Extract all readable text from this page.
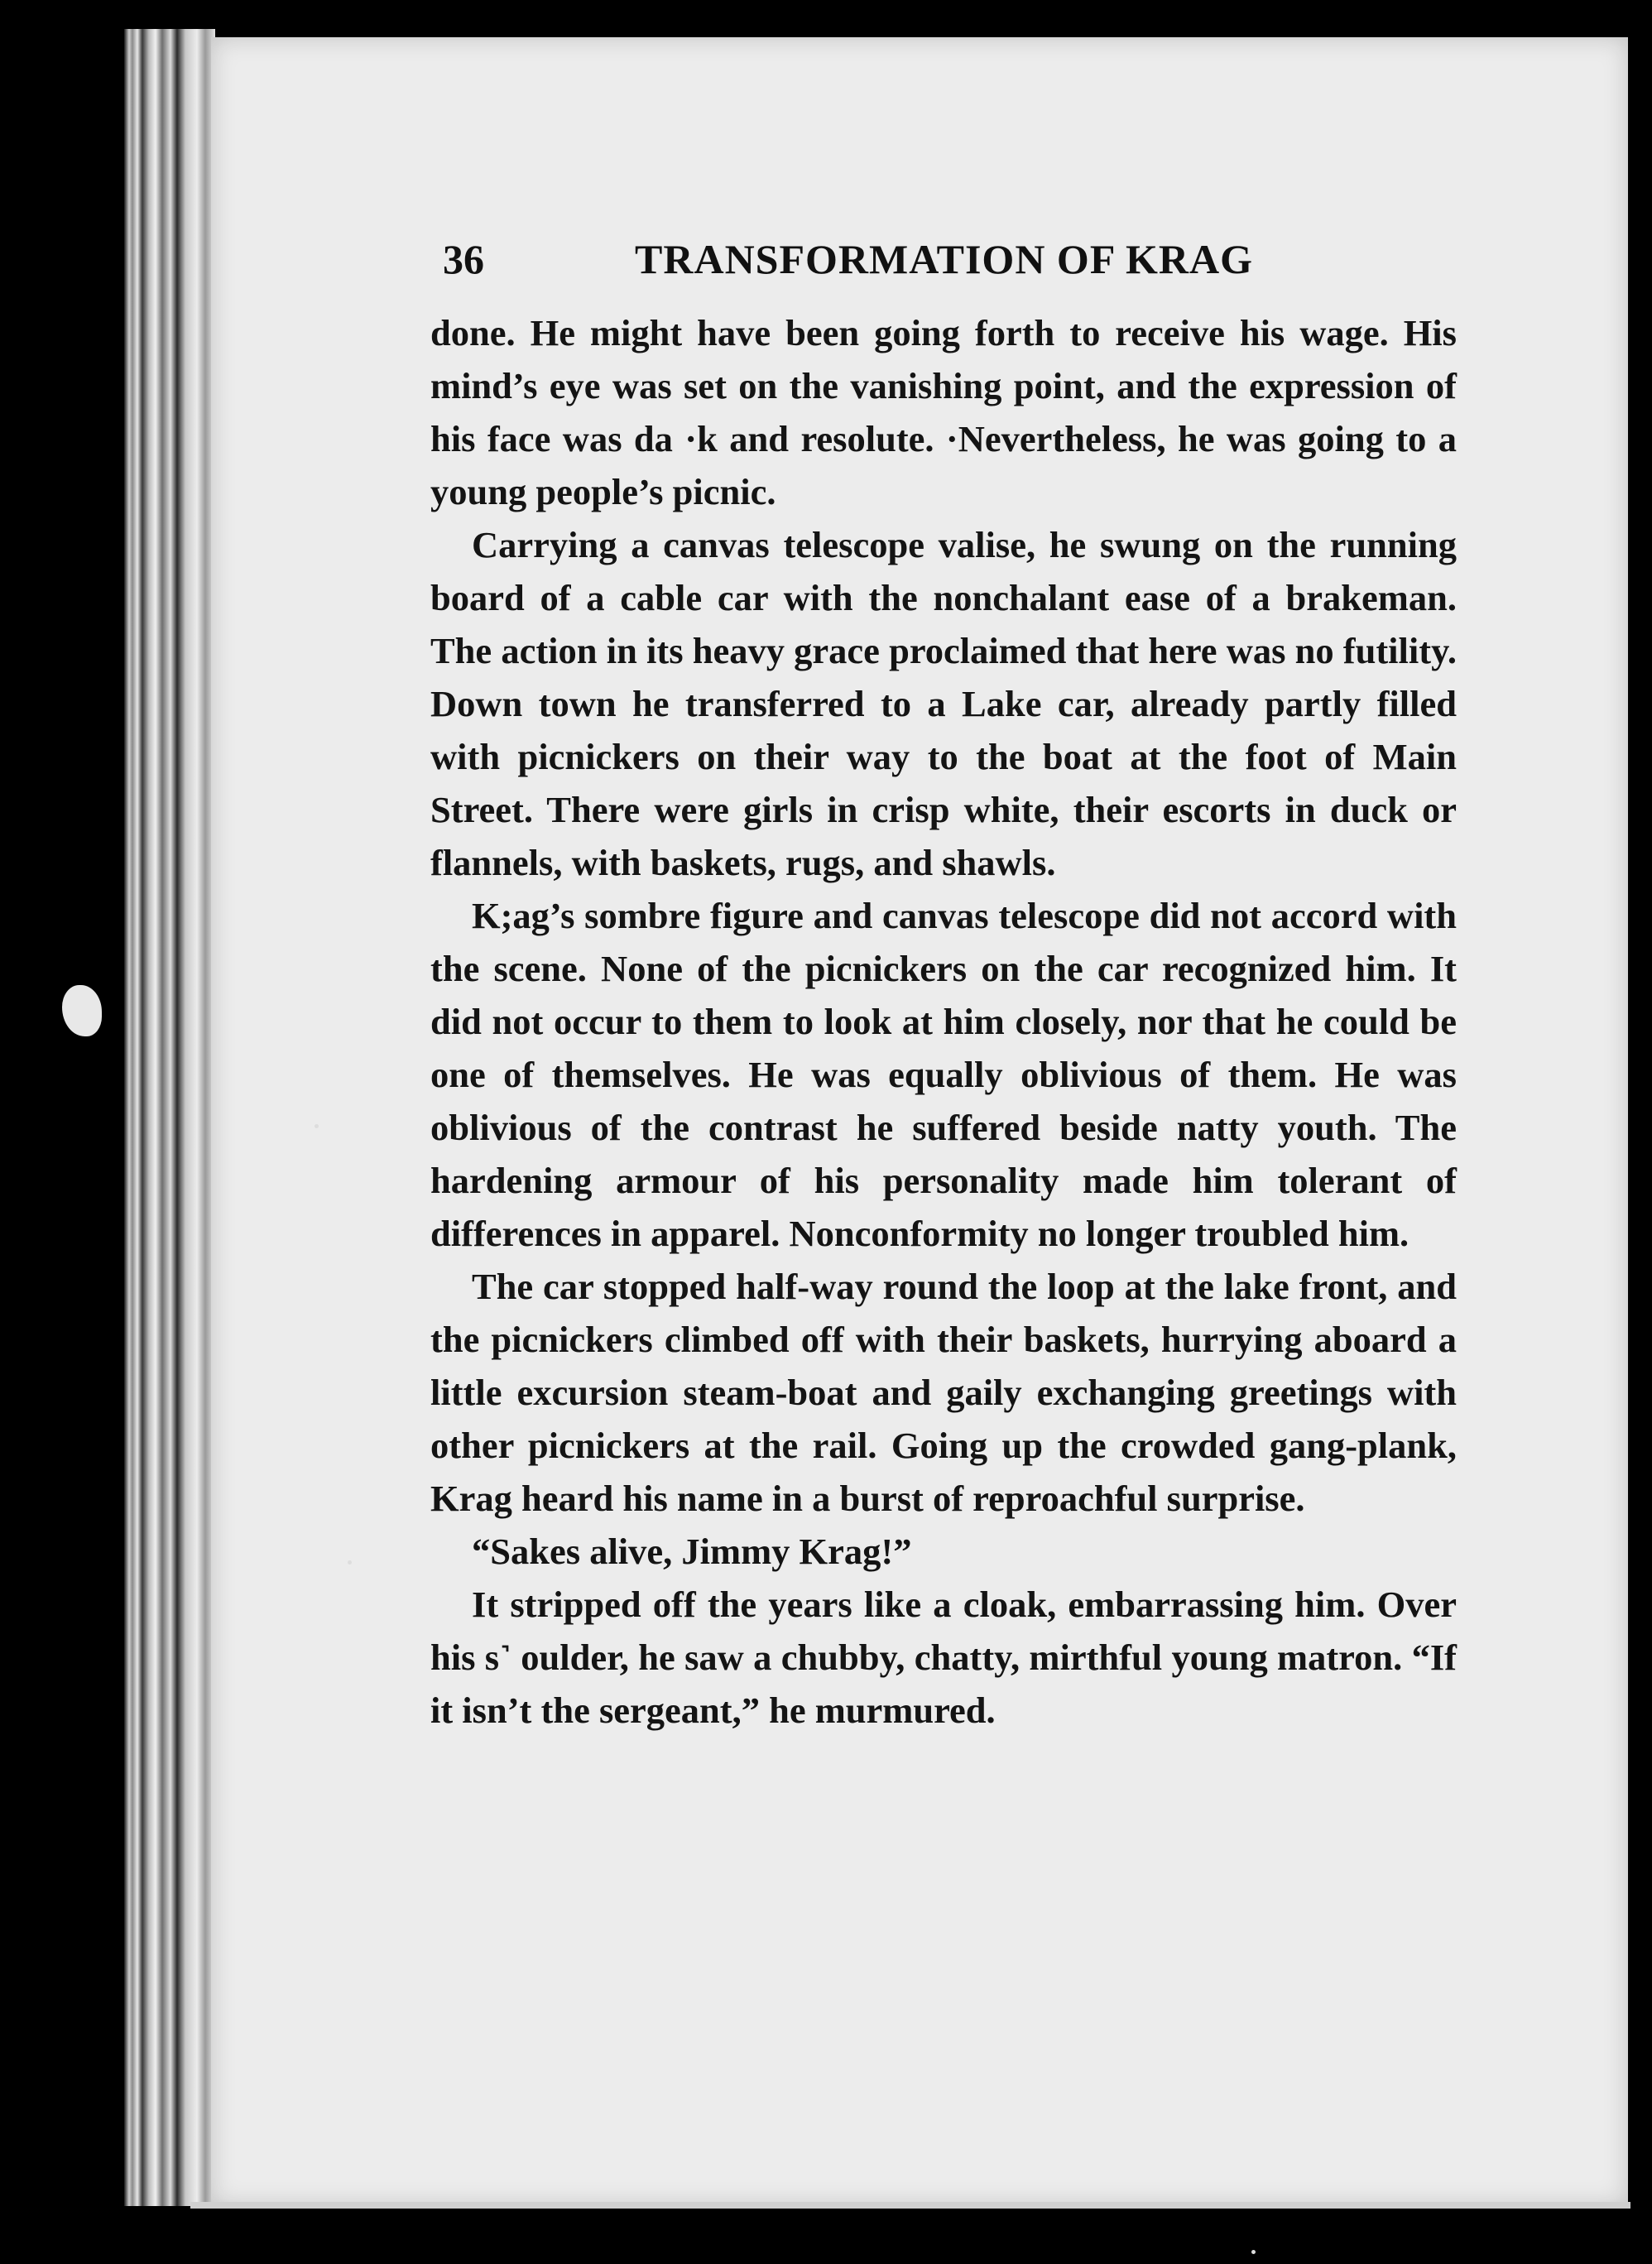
36	TRANSFORMATION OF KRAG

done. He might have been going forth to receive his wage. His mind’s eye was set on the vanishing point, and the expression of his face was da ·k and resolute. ·Nevertheless, he was going to a young people’s picnic.

Carrying a canvas telescope valise, he swung on the running board of a cable car with the nonchalant ease of a brakeman. The action in its heavy grace proclaimed that here was no futility. Down town he transferred to a Lake car, already partly filled with picnickers on their way to the boat at the foot of Main Street. There were girls in crisp white, their escorts in duck or flannels, with baskets, rugs, and shawls.

K;ag’s sombre figure and canvas telescope did not accord with the scene. None of the picnickers on the car recognized him. It did not occur to them to look at him closely, nor that he could be one of themselves. He was equally oblivious of them. He was oblivious of the contrast he suffered beside natty youth. The hardening armour of his personality made him tolerant of differences in apparel. Nonconformity no longer troubled him.

The car stopped half-way round the loop at the lake front, and the picnickers climbed off with their baskets, hurrying aboard a little excursion steam-boat and gaily exchanging greetings with other picnickers at the rail. Going up the crowded gang-plank, Krag heard his name in a burst of reproachful surprise.

“Sakes alive, Jimmy Krag!”

It stripped off the years like a cloak, embarrassing him. Over his s˺ oulder, he saw a chubby, chatty, mirthful young matron. “If it isn’t the sergeant,” he murmured.
